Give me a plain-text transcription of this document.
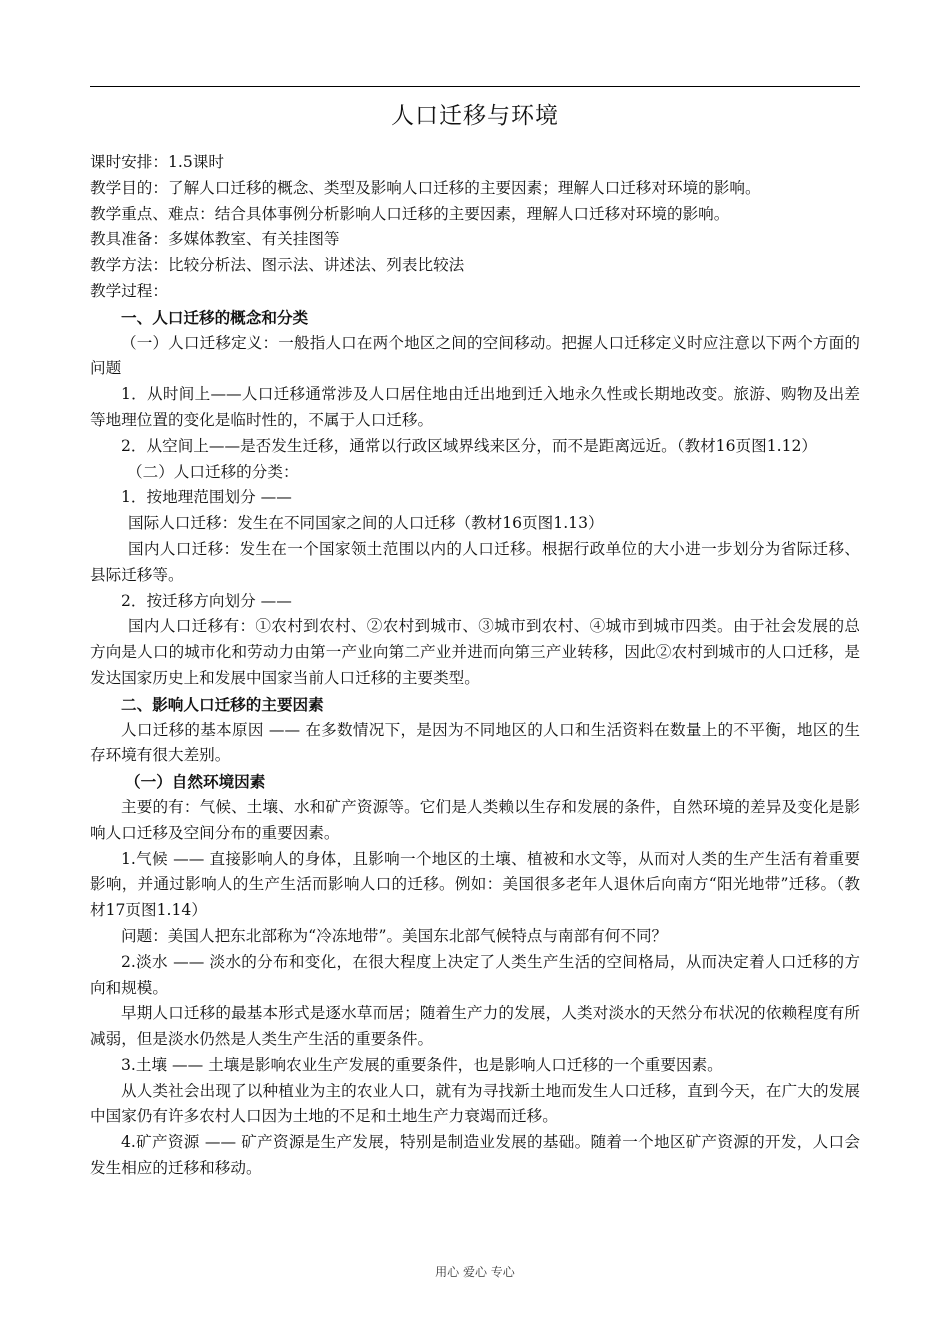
人口迁移与环境

课时安排：1.5课时

教学目的：了解人口迁移的概念、类型及影响人口迁移的主要因素；理解人口迁移对环境的影响。

教学重点、难点：结合具体事例分析影响人口迁移的主要因素，理解人口迁移对环境的影响。

教具准备：多媒体教室、有关挂图等

教学方法：比较分析法、图示法、讲述法、列表比较法

教学过程：

一、人口迁移的概念和分类

（一）人口迁移定义：一般指人口在两个地区之间的空间移动。把握人口迁移定义时应注意以下两个方面的问题

1．从时间上——人口迁移通常涉及人口居住地由迁出地到迁入地永久性或长期地改变。旅游、购物及出差等地理位置的变化是临时性的，不属于人口迁移。

2．从空间上——是否发生迁移，通常以行政区域界线来区分，而不是距离远近。（教材16页图1.12）

（二）人口迁移的分类：

1．按地理范围划分 ——

国际人口迁移：发生在不同国家之间的人口迁移（教材16页图1.13）

国内人口迁移：发生在一个国家领土范围以内的人口迁移。根据行政单位的大小进一步划分为省际迁移、县际迁移等。

2．按迁移方向划分 ——

国内人口迁移有：①农村到农村、②农村到城市、③城市到农村、④城市到城市四类。由于社会发展的总方向是人口的城市化和劳动力由第一产业向第二产业并进而向第三产业转移，因此②农村到城市的人口迁移，是发达国家历史上和发展中国家当前人口迁移的主要类型。

二、影响人口迁移的主要因素

人口迁移的基本原因 —— 在多数情况下，是因为不同地区的人口和生活资料在数量上的不平衡，地区的生存环境有很大差别。

（一）自然环境因素

主要的有：气候、土壤、水和矿产资源等。它们是人类赖以生存和发展的条件，自然环境的差异及变化是影响人口迁移及空间分布的重要因素。

1.气候 —— 直接影响人的身体，且影响一个地区的土壤、植被和水文等，从而对人类的生产生活有着重要影响，并通过影响人的生产生活而影响人口的迁移。例如：美国很多老年人退休后向南方“阳光地带”迁移。（教材17页图1.14）

问题：美国人把东北部称为“冷冻地带”。美国东北部气候特点与南部有何不同？

2.淡水 —— 淡水的分布和变化，在很大程度上决定了人类生产生活的空间格局，从而决定着人口迁移的方向和规模。

早期人口迁移的最基本形式是逐水草而居；随着生产力的发展，人类对淡水的天然分布状况的依赖程度有所减弱，但是淡水仍然是人类生产生活的重要条件。

3.土壤 —— 土壤是影响农业生产发展的重要条件，也是影响人口迁移的一个重要因素。

从人类社会出现了以种植业为主的农业人口，就有为寻找新土地而发生人口迁移，直到今天，在广大的发展中国家仍有许多农村人口因为土地的不足和土地生产力衰竭而迁移。

4.矿产资源 —— 矿产资源是生产发展，特别是制造业发展的基础。随着一个地区矿产资源的开发，人口会发生相应的迁移和移动。

用心 爱心 专心
